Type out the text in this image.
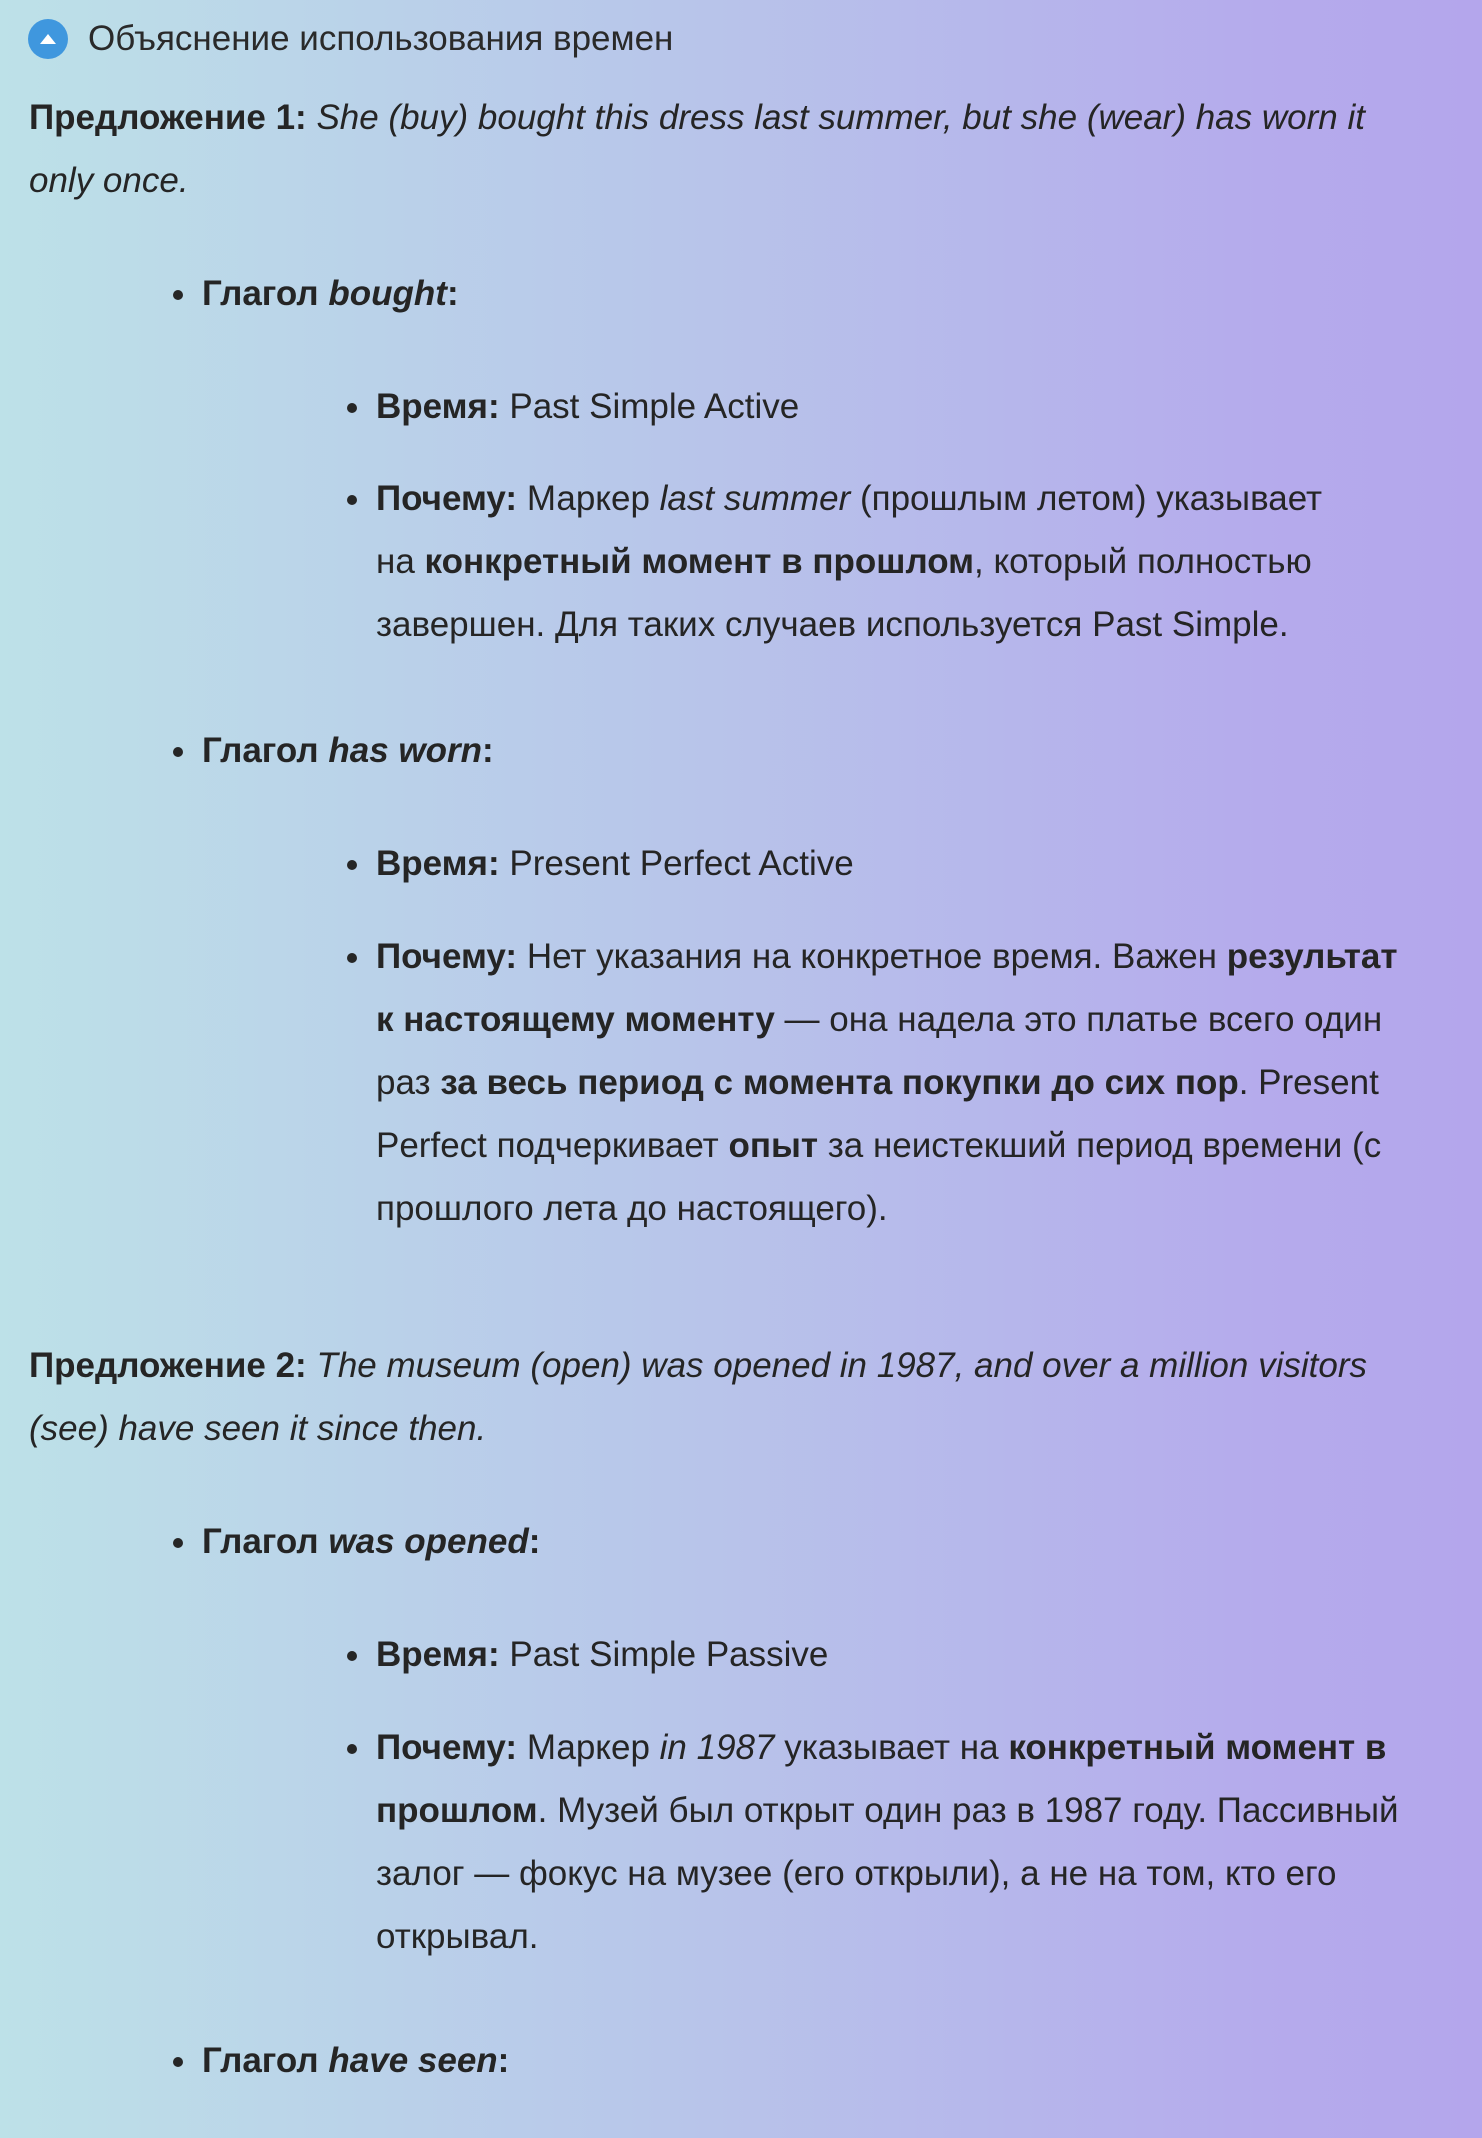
Объяснение использования времен

Предложение 1: She (buy) bought this dress last summer, but she (wear) has worn it
only once.

Глагол bought:

Время: Past Simple Active

Почему: Маркер last summer (прошлым летом) указывает
на конкретный момент в прошлом, который полностью
завершен. Для таких случаев используется Past Simple.

Глагол has worn:

Время: Present Perfect Active

Почему: Нет указания на конкретное время. Важен результат
к настоящему моменту — она надела это платье всего один
раз за весь период с момента покупки до сих пор. Present
Perfect подчеркивает опыт за неистекший период времени (с
прошлого лета до настоящего).

Предложение 2: The museum (open) was opened in 1987, and over a million visitors
(see) have seen it since then.

Глагол was opened:

Время: Past Simple Passive

Почему: Маркер in 1987 указывает на конкретный момент в
прошлом. Музей был открыт один раз в 1987 году. Пассивный
залог — фокус на музее (его открыли), а не на том, кто его
открывал.

Глагол have seen:
